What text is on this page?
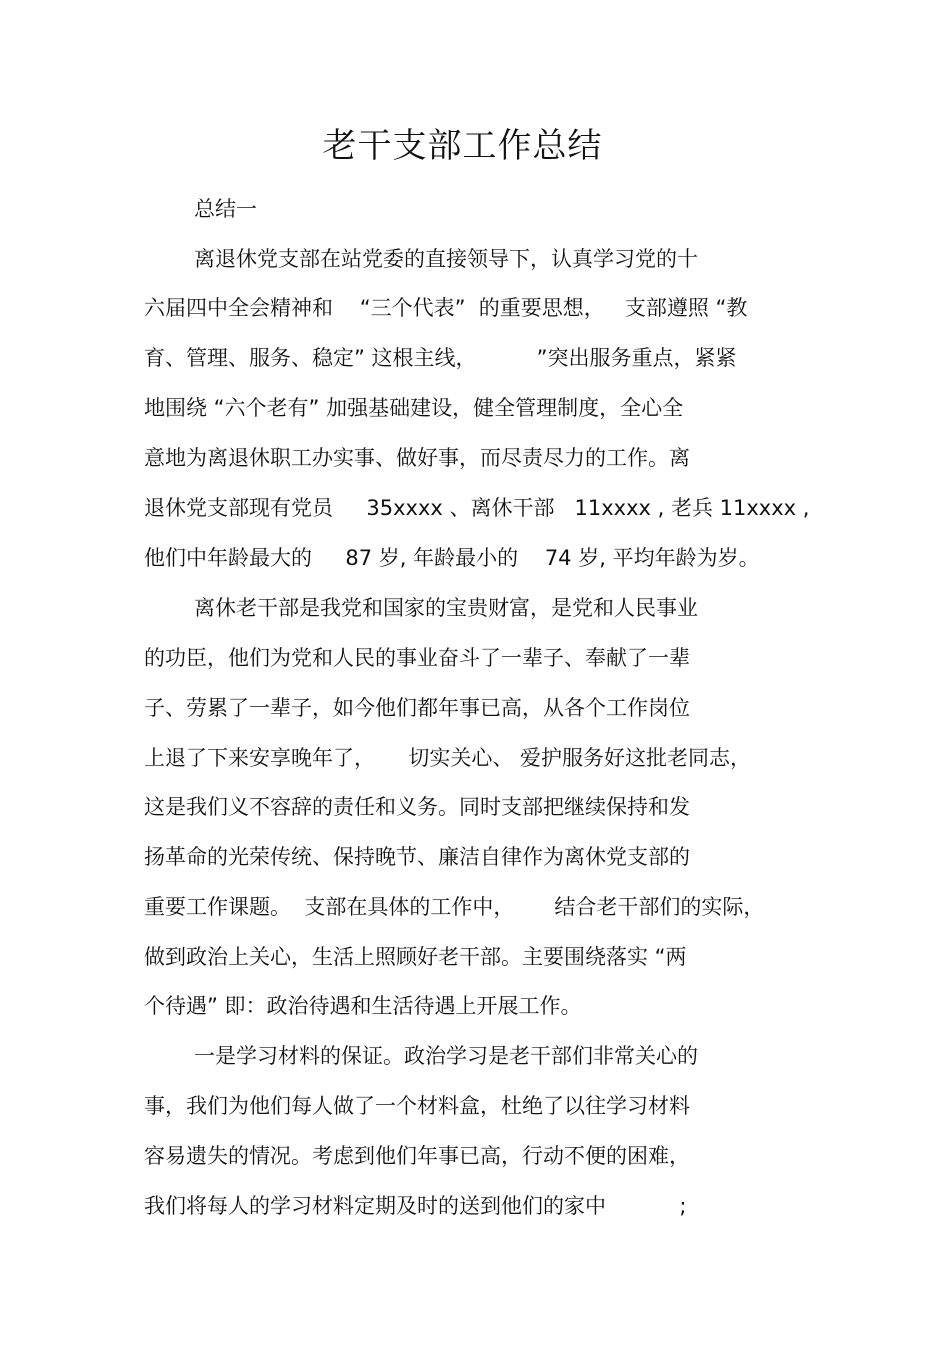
老干支部工作总结

总结一

离退休党支部在站党委的直接领导下，认真学习党的十

六届四中全会精神和    “三个代表”  的重要思想，   支部遵照 “教

育、管理、服务、稳定” 这根主线，         ”突出服务重点，紧紧

地围绕 “六个老有” 加强基础建设，健全管理制度，全心全

意地为离退休职工办实事、做好事，而尽责尽力的工作。离

退休党支部现有党员     35xxxx 、离休干部   11xxxx , 老兵 11xxxx ,

他们中年龄最大的     87 岁, 年龄最小的    74 岁, 平均年龄为岁。

离休老干部是我党和国家的宝贵财富，是党和人民事业

的功臣，他们为党和人民的事业奋斗了一辈子、奉献了一辈

子、劳累了一辈子，如今他们都年事已高，从各个工作岗位

上退了下来安享晚年了，     切实关心、 爱护服务好这批老同志，

这是我们义不容辞的责任和义务。同时支部把继续保持和发

扬革命的光荣传统、保持晚节、廉洁自律作为离休党支部的

重要工作课题。  支部在具体的工作中，      结合老干部们的实际，

做到政治上关心，生活上照顾好老干部。主要围绕落实 “两

个待遇” 即：政治待遇和生活待遇上开展工作。

一是学习材料的保证。政治学习是老干部们非常关心的

事，我们为他们每人做了一个材料盒，杜绝了以往学习材料

容易遗失的情况。考虑到他们年事已高，行动不便的困难，

我们将每人的学习材料定期及时的送到他们的家中           ;
